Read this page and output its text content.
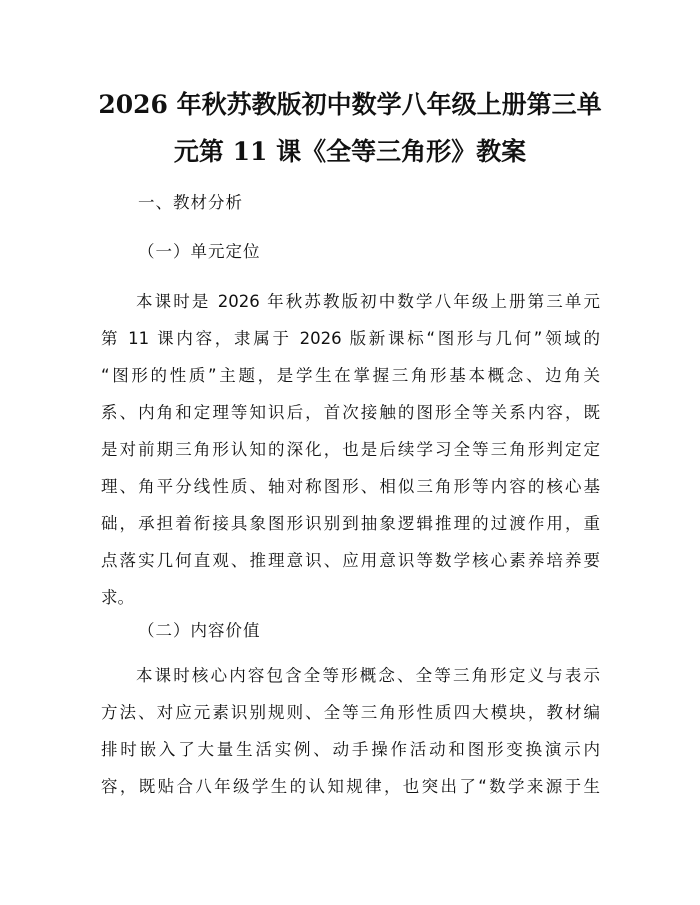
2026 年秋苏教版初中数学八年级上册第三单
元第 11 课《全等三角形》教案

一、教材分析

（一）单元定位

本课时是 2026 年秋苏教版初中数学八年级上册第三单元
第 11 课内容，隶属于 2026 版新课标“图形与几何”领域的
“图形的性质”主题，是学生在掌握三角形基本概念、边角关
系、内角和定理等知识后，首次接触的图形全等关系内容，既
是对前期三角形认知的深化，也是后续学习全等三角形判定定
理、角平分线性质、轴对称图形、相似三角形等内容的核心基
础，承担着衔接具象图形识别到抽象逻辑推理的过渡作用，重
点落实几何直观、推理意识、应用意识等数学核心素养培养要
求。

（二）内容价值

本课时核心内容包含全等形概念、全等三角形定义与表示
方法、对应元素识别规则、全等三角形性质四大模块，教材编
排时嵌入了大量生活实例、动手操作活动和图形变换演示内
容，既贴合八年级学生的认知规律，也突出了“数学来源于生
